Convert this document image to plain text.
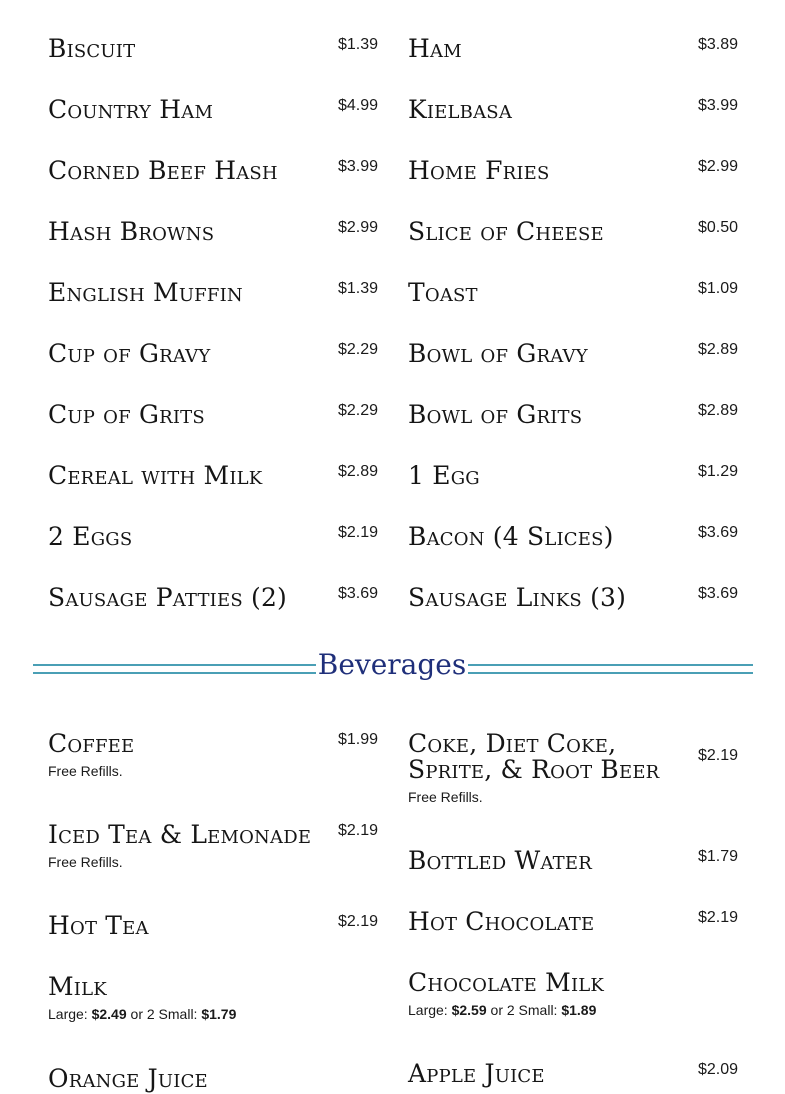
Biscuit	$1.39
Country Ham	$4.99
Corned Beef Hash	$3.99
Hash Browns	$2.99
English Muffin	$1.39
Cup of Gravy	$2.29
Cup of Grits	$2.29
Cereal with Milk	$2.89
2 Eggs	$2.19
Sausage Patties (2)	$3.69
Ham	$3.89
Kielbasa	$3.99
Home Fries	$2.99
Slice of Cheese	$0.50
Toast	$1.09
Bowl of Gravy	$2.89
Bowl of Grits	$2.89
1 Egg	$1.29
Bacon (4 Slices)	$3.69
Sausage Links (3)	$3.69
Beverages
Coffee	$1.99
Free Refills.
Iced Tea & Lemonade	$2.19
Free Refills.
Hot Tea	$2.19
Milk
Large: $2.49 or 2 Small: $1.79
Orange Juice
Coke, Diet Coke, Sprite, & Root Beer	$2.19
Free Refills.
Bottled Water	$1.79
Hot Chocolate	$2.19
Chocolate Milk
Large: $2.59 or 2 Small: $1.89
Apple Juice	$2.09
